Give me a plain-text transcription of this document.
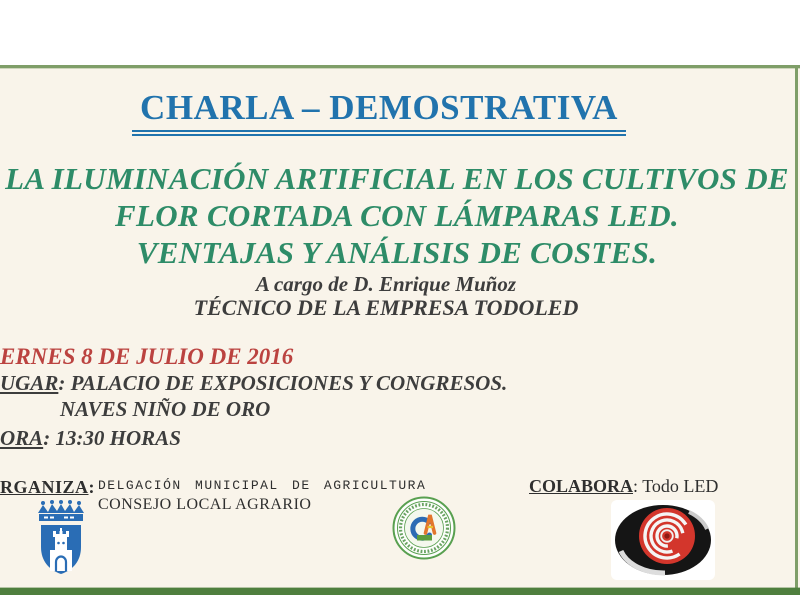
CHARLA – DEMOSTRATIVA
LA ILUMINACIÓN ARTIFICIAL EN LOS CULTIVOS DE
FLOR CORTADA CON LÁMPARAS LED.
VENTAJAS Y ANÁLISIS DE COSTES.
A cargo de D. Enrique Muñoz
TÉCNICO DE LA EMPRESA TODOLED
ERNES 8 DE JULIO DE 2016
UGAR: PALACIO DE EXPOSICIONES Y CONGRESOS.
NAVES NIÑO DE ORO
ORA: 13:30 HORAS
RGANIZA: DELGACIÓN MUNICIPAL DE AGRICULTURA
CONSEJO LOCAL AGRARIO
COLABORA: Todo LED
